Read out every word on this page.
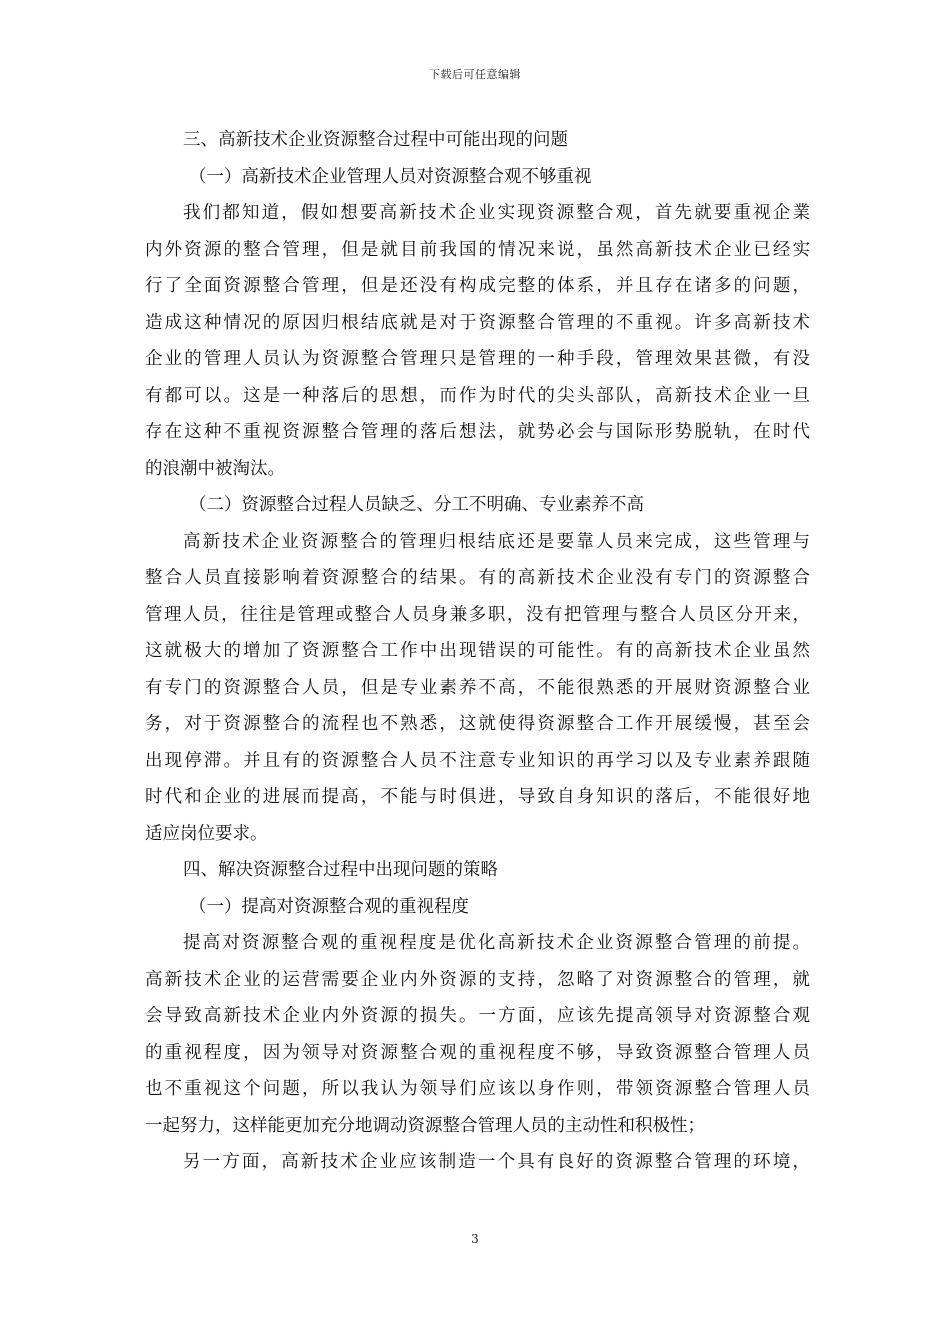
下载后可任意编辑
三、高新技术企业资源整合过程中可能出现的问题
（一）高新技术企业管理人员对资源整合观不够重视
我们都知道，假如想要高新技术企业实现资源整合观，首先就要重视企業
内外资源的整合管理，但是就目前我国的情况来说，虽然高新技术企业已经实
行了全面资源整合管理，但是还没有构成完整的体系，并且存在诸多的问题，
造成这种情况的原因归根结底就是对于资源整合管理的不重视。许多高新技术
企业的管理人员认为资源整合管理只是管理的一种手段，管理效果甚微，有没
有都可以。这是一种落后的思想，而作为时代的尖头部队，高新技术企业一旦
存在这种不重视资源整合管理的落后想法，就势必会与国际形势脱轨，在时代
的浪潮中被淘汰。
（二）资源整合过程人员缺乏、分工不明确、专业素养不高
高新技术企业资源整合的管理归根结底还是要靠人员来完成，这些管理与
整合人员直接影响着资源整合的结果。有的高新技术企业没有专门的资源整合
管理人员，往往是管理或整合人员身兼多职，没有把管理与整合人员区分开来，
这就极大的增加了资源整合工作中出现错误的可能性。有的高新技术企业虽然
有专门的资源整合人员，但是专业素养不高，不能很熟悉的开展财资源整合业
务，对于资源整合的流程也不熟悉，这就使得资源整合工作开展缓慢，甚至会
出现停滞。并且有的资源整合人员不注意专业知识的再学习以及专业素养跟随
时代和企业的进展而提高，不能与时俱进，导致自身知识的落后，不能很好地
适应岗位要求。
四、解决资源整合过程中出现问题的策略
（一）提高对资源整合观的重视程度
提高对资源整合观的重视程度是优化高新技术企业资源整合管理的前提。
高新技术企业的运营需要企业内外资源的支持，忽略了对资源整合的管理，就
会导致高新技术企业内外资源的损失。一方面，应该先提高领导对资源整合观
的重视程度，因为领导对资源整合观的重视程度不够，导致资源整合管理人员
也不重视这个问题，所以我认为领导们应该以身作则，带领资源整合管理人员
一起努力，这样能更加充分地调动资源整合管理人员的主动性和积极性；
另一方面，高新技术企业应该制造一个具有良好的资源整合管理的环境，
3
